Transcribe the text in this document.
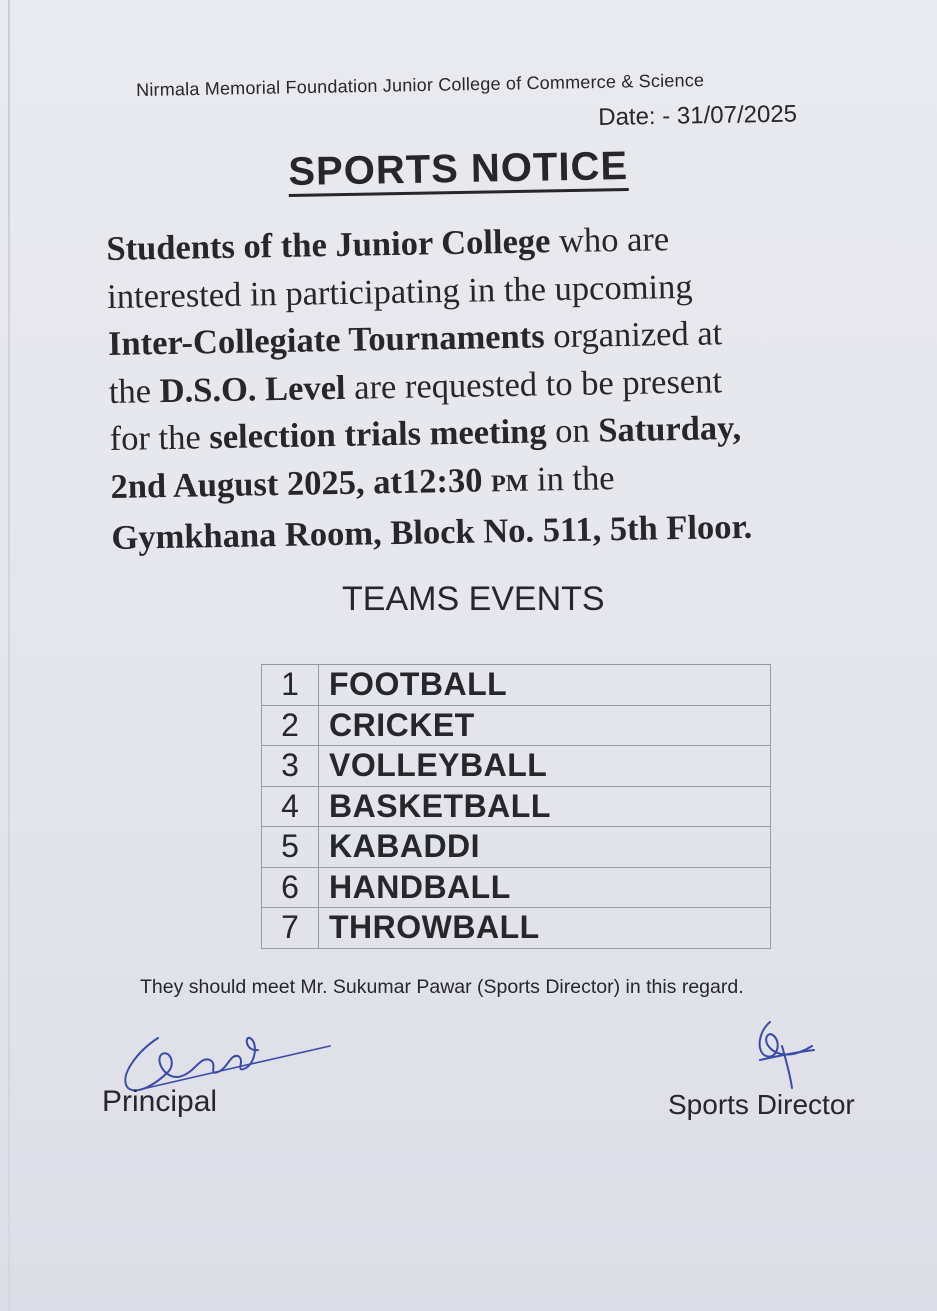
Nirmala Memorial Foundation Junior College of Commerce & Science
Date: - 31/07/2025
SPORTS NOTICE
Students of the Junior College who are
interested in participating in the upcoming
Inter-Collegiate Tournaments organized at
the D.S.O. Level are requested to be present
for the selection trials meeting on Saturday,
2nd August 2025, at12:30 PM in the
Gymkhana Room, Block No. 511, 5th Floor.
TEAMS EVENTS
1	FOOTBALL
2	CRICKET
3	VOLLEYBALL
4	BASKETBALL
5	KABADDI
6	HANDBALL
7	THROWBALL
They should meet Mr. Sukumar Pawar (Sports Director) in this regard.
Principal	Sports Director
